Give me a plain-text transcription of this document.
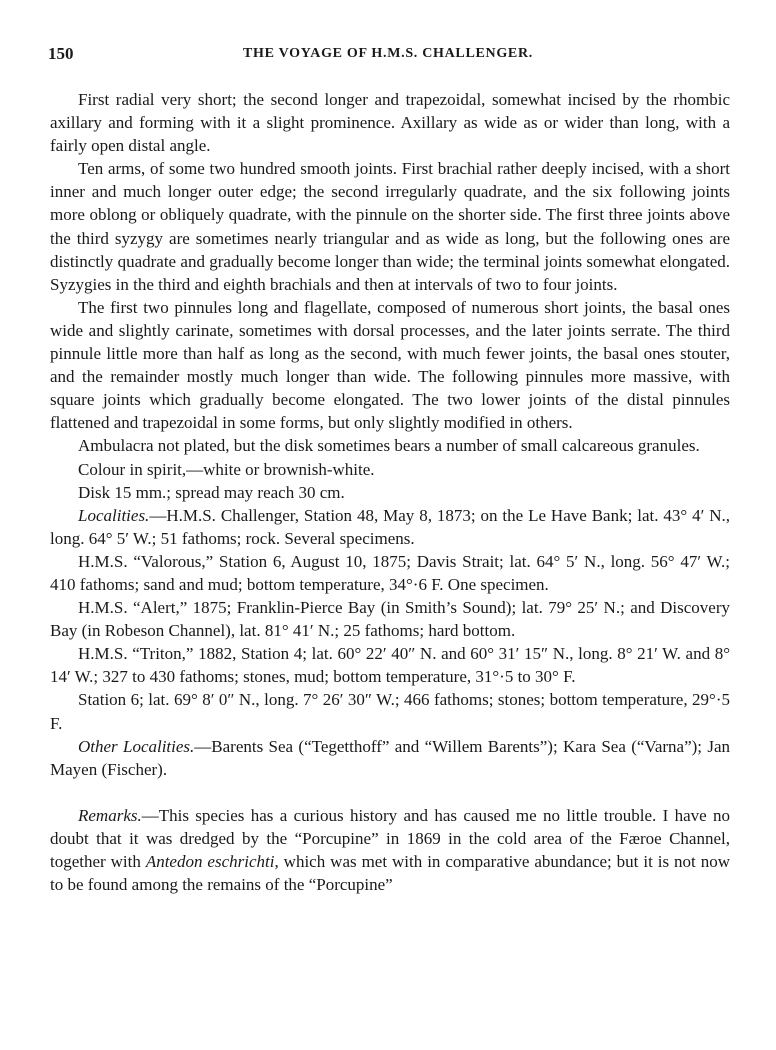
150	THE VOYAGE OF H.M.S. CHALLENGER.

First radial very short; the second longer and trapezoidal, somewhat incised by the rhombic axillary and forming with it a slight prominence. Axillary as wide as or wider than long, with a fairly open distal angle.

Ten arms, of some two hundred smooth joints. First brachial rather deeply incised, with a short inner and much longer outer edge; the second irregularly quadrate, and the six following joints more oblong or obliquely quadrate, with the pinnule on the shorter side. The first three joints above the third syzygy are sometimes nearly triangular and as wide as long, but the following ones are distinctly quadrate and gradually become longer than wide; the terminal joints somewhat elongated. Syzygies in the third and eighth brachials and then at intervals of two to four joints.

The first two pinnules long and flagellate, composed of numerous short joints, the basal ones wide and slightly carinate, sometimes with dorsal processes, and the later joints serrate. The third pinnule little more than half as long as the second, with much fewer joints, the basal ones stouter, and the remainder mostly much longer than wide. The following pinnules more massive, with square joints which gradually become elongated. The two lower joints of the distal pinnules flattened and trapezoidal in some forms, but only slightly modified in others.

Ambulacra not plated, but the disk sometimes bears a number of small calcareous granules.

Colour in spirit,—white or brownish-white.

Disk 15 mm.; spread may reach 30 cm.

Localities.—H.M.S. Challenger, Station 48, May 8, 1873; on the Le Have Bank; lat. 43° 4′ N., long. 64° 5′ W.; 51 fathoms; rock. Several specimens.

H.M.S. “Valorous,” Station 6, August 10, 1875; Davis Strait; lat. 64° 5′ N., long. 56° 47′ W.; 410 fathoms; sand and mud; bottom temperature, 34°·6 F. One specimen.

H.M.S. “Alert,” 1875; Franklin-Pierce Bay (in Smith’s Sound); lat. 79° 25′ N.; and Discovery Bay (in Robeson Channel), lat. 81° 41′ N.; 25 fathoms; hard bottom.

H.M.S. “Triton,” 1882, Station 4; lat. 60° 22′ 40″ N. and 60° 31′ 15″ N., long. 8° 21′ W. and 8° 14′ W.; 327 to 430 fathoms; stones, mud; bottom temperature, 31°·5 to 30° F.

Station 6; lat. 69° 8′ 0″ N., long. 7° 26′ 30″ W.; 466 fathoms; stones; bottom temperature, 29°·5 F.

Other Localities.—Barents Sea (“Tegetthoff” and “Willem Barents”); Kara Sea (“Varna”); Jan Mayen (Fischer).

Remarks.—This species has a curious history and has caused me no little trouble. I have no doubt that it was dredged by the “Porcupine” in 1869 in the cold area of the Færoe Channel, together with Antedon eschrichti, which was met with in comparative abundance; but it is not now to be found among the remains of the “Porcupine”
